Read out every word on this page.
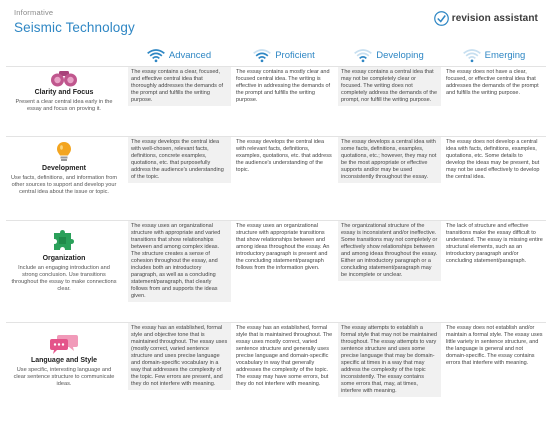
Informative
Seismic Technology
revision assistant
Advanced	Proficient	Developing	Emerging
Clarity and Focus
Present a clear central idea early in the essay and focus on proving it.
The essay contains a clear, focused, and effective central idea that thoroughly addresses the demands of the prompt and fulfills the writing purpose.
The essay contains a mostly clear and focused central idea. The writing is effective in addressing the demands of the prompt and fulfills the writing purpose.
The essay contains a central idea that may not be completely clear or focused. The writing does not completely address the demands of the prompt, nor fulfill the writing purpose.
The essay does not have a clear, focused, or effective central idea that addresses the demands of the prompt and fulfills the writing purpose.
Development
Use facts, definitions, and information from other sources to support and develop your central idea about the issue or topic.
The essay develops the central idea with well-chosen, relevant facts, definitions, concrete examples, quotations, etc. that purposefully address the audience's understanding of the topic.
The essay develops the central idea with relevant facts, definitions, examples, quotations, etc. that address the audience's understanding of the topic.
The essay develops a central idea with some facts, definitions, examples, quotations, etc.; however, they may not be the most appropriate or effective supports and/or may be used inconsistently throughout the essay.
The essay does not develop a central idea with facts, definitions, examples, quotations, etc. Some details to develop the ideas may be present, but may not be used effectively to develop the central idea.
Organization
Include an engaging introduction and strong conclusion. Use transitions throughout the essay to make connections clear.
The essay uses an organizational structure with appropriate and varied transitions that show relationships between and among complex ideas. The structure creates a sense of cohesion throughout the essay, and includes both an introductory paragraph, as well as a concluding statement/paragraph, that clearly follows from and supports the ideas given.
The essay uses an organizational structure with appropriate transitions that show relationships between and among ideas throughout the essay. An introductory paragraph is present and the concluding statement/paragraph follows from the information given.
The organizational structure of the essay is inconsistent and/or ineffective. Some transitions may not completely or effectively show relationships between and among ideas throughout the essay. Either an introductory paragraph or a concluding statement/paragraph may be incomplete or unclear.
The lack of structure and effective transitions make the essay difficult to understand. The essay is missing entire structural elements, such as an introductory paragraph and/or concluding statement/paragraph.
Language and Style
Use specific, interesting language and clear sentence structure to communicate ideas.
The essay has an established, formal style and objective tone that is maintained throughout. The essay uses (mostly correct, varied sentence structure and uses precise language and domain-specific vocabulary in a way that addresses the complexity of the topic. Few errors are present, and they do not interfere with meaning.
The essay has an established, formal style that is maintained throughout. The essay uses mostly correct, varied sentence structure and generally uses precise language and domain-specific vocabulary in way that generally addresses the complexity of the topic. The essay may have some errors, but they do not interfere with meaning.
The essay attempts to establish a formal style that may not be maintained throughout. The essay attempts to vary sentence structure and uses some precise language that may be domain-specific at times in a way that may address the complexity of the topic inconsistently. The essay contains some errors that, may, at times, interfere with meaning.
The essay does not establish and/or maintain a formal style. The essay uses little variety in sentence structure, and the language is general and not domain-specific. The essay contains errors that interfere with meaning.
